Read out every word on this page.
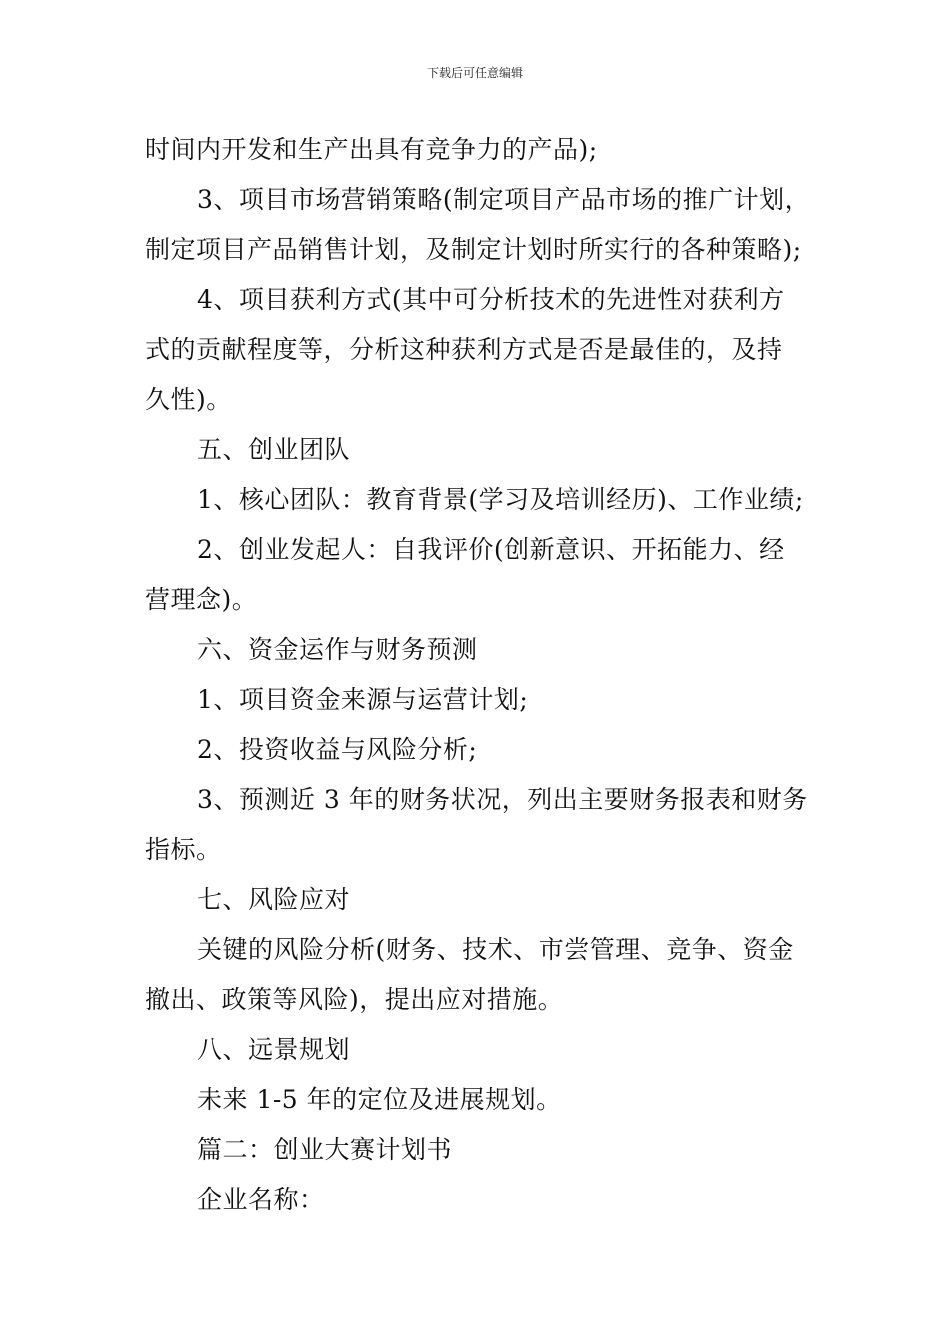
下载后可任意编辑

时间内开发和生产出具有竞争力的产品);

3、项目市场营销策略(制定项目产品市场的推广计划，

制定项目产品销售计划，及制定计划时所实行的各种策略);

4、项目获利方式(其中可分析技术的先进性对获利方

式的贡献程度等，分析这种获利方式是否是最佳的，及持

久性)。

五、创业团队

1、核心团队：教育背景(学习及培训经历)、工作业绩;

2、创业发起人：自我评价(创新意识、开拓能力、经

营理念)。

六、资金运作与财务预测

1、项目资金来源与运营计划;

2、投资收益与风险分析;

3、预测近 3 年的财务状况，列出主要财务报表和财务

指标。

七、风险应对

关键的风险分析(财务、技术、市尝管理、竞争、资金

撤出、政策等风险)，提出应对措施。

八、远景规划

未来 1-5 年的定位及进展规划。

篇二：创业大赛计划书

企业名称：
